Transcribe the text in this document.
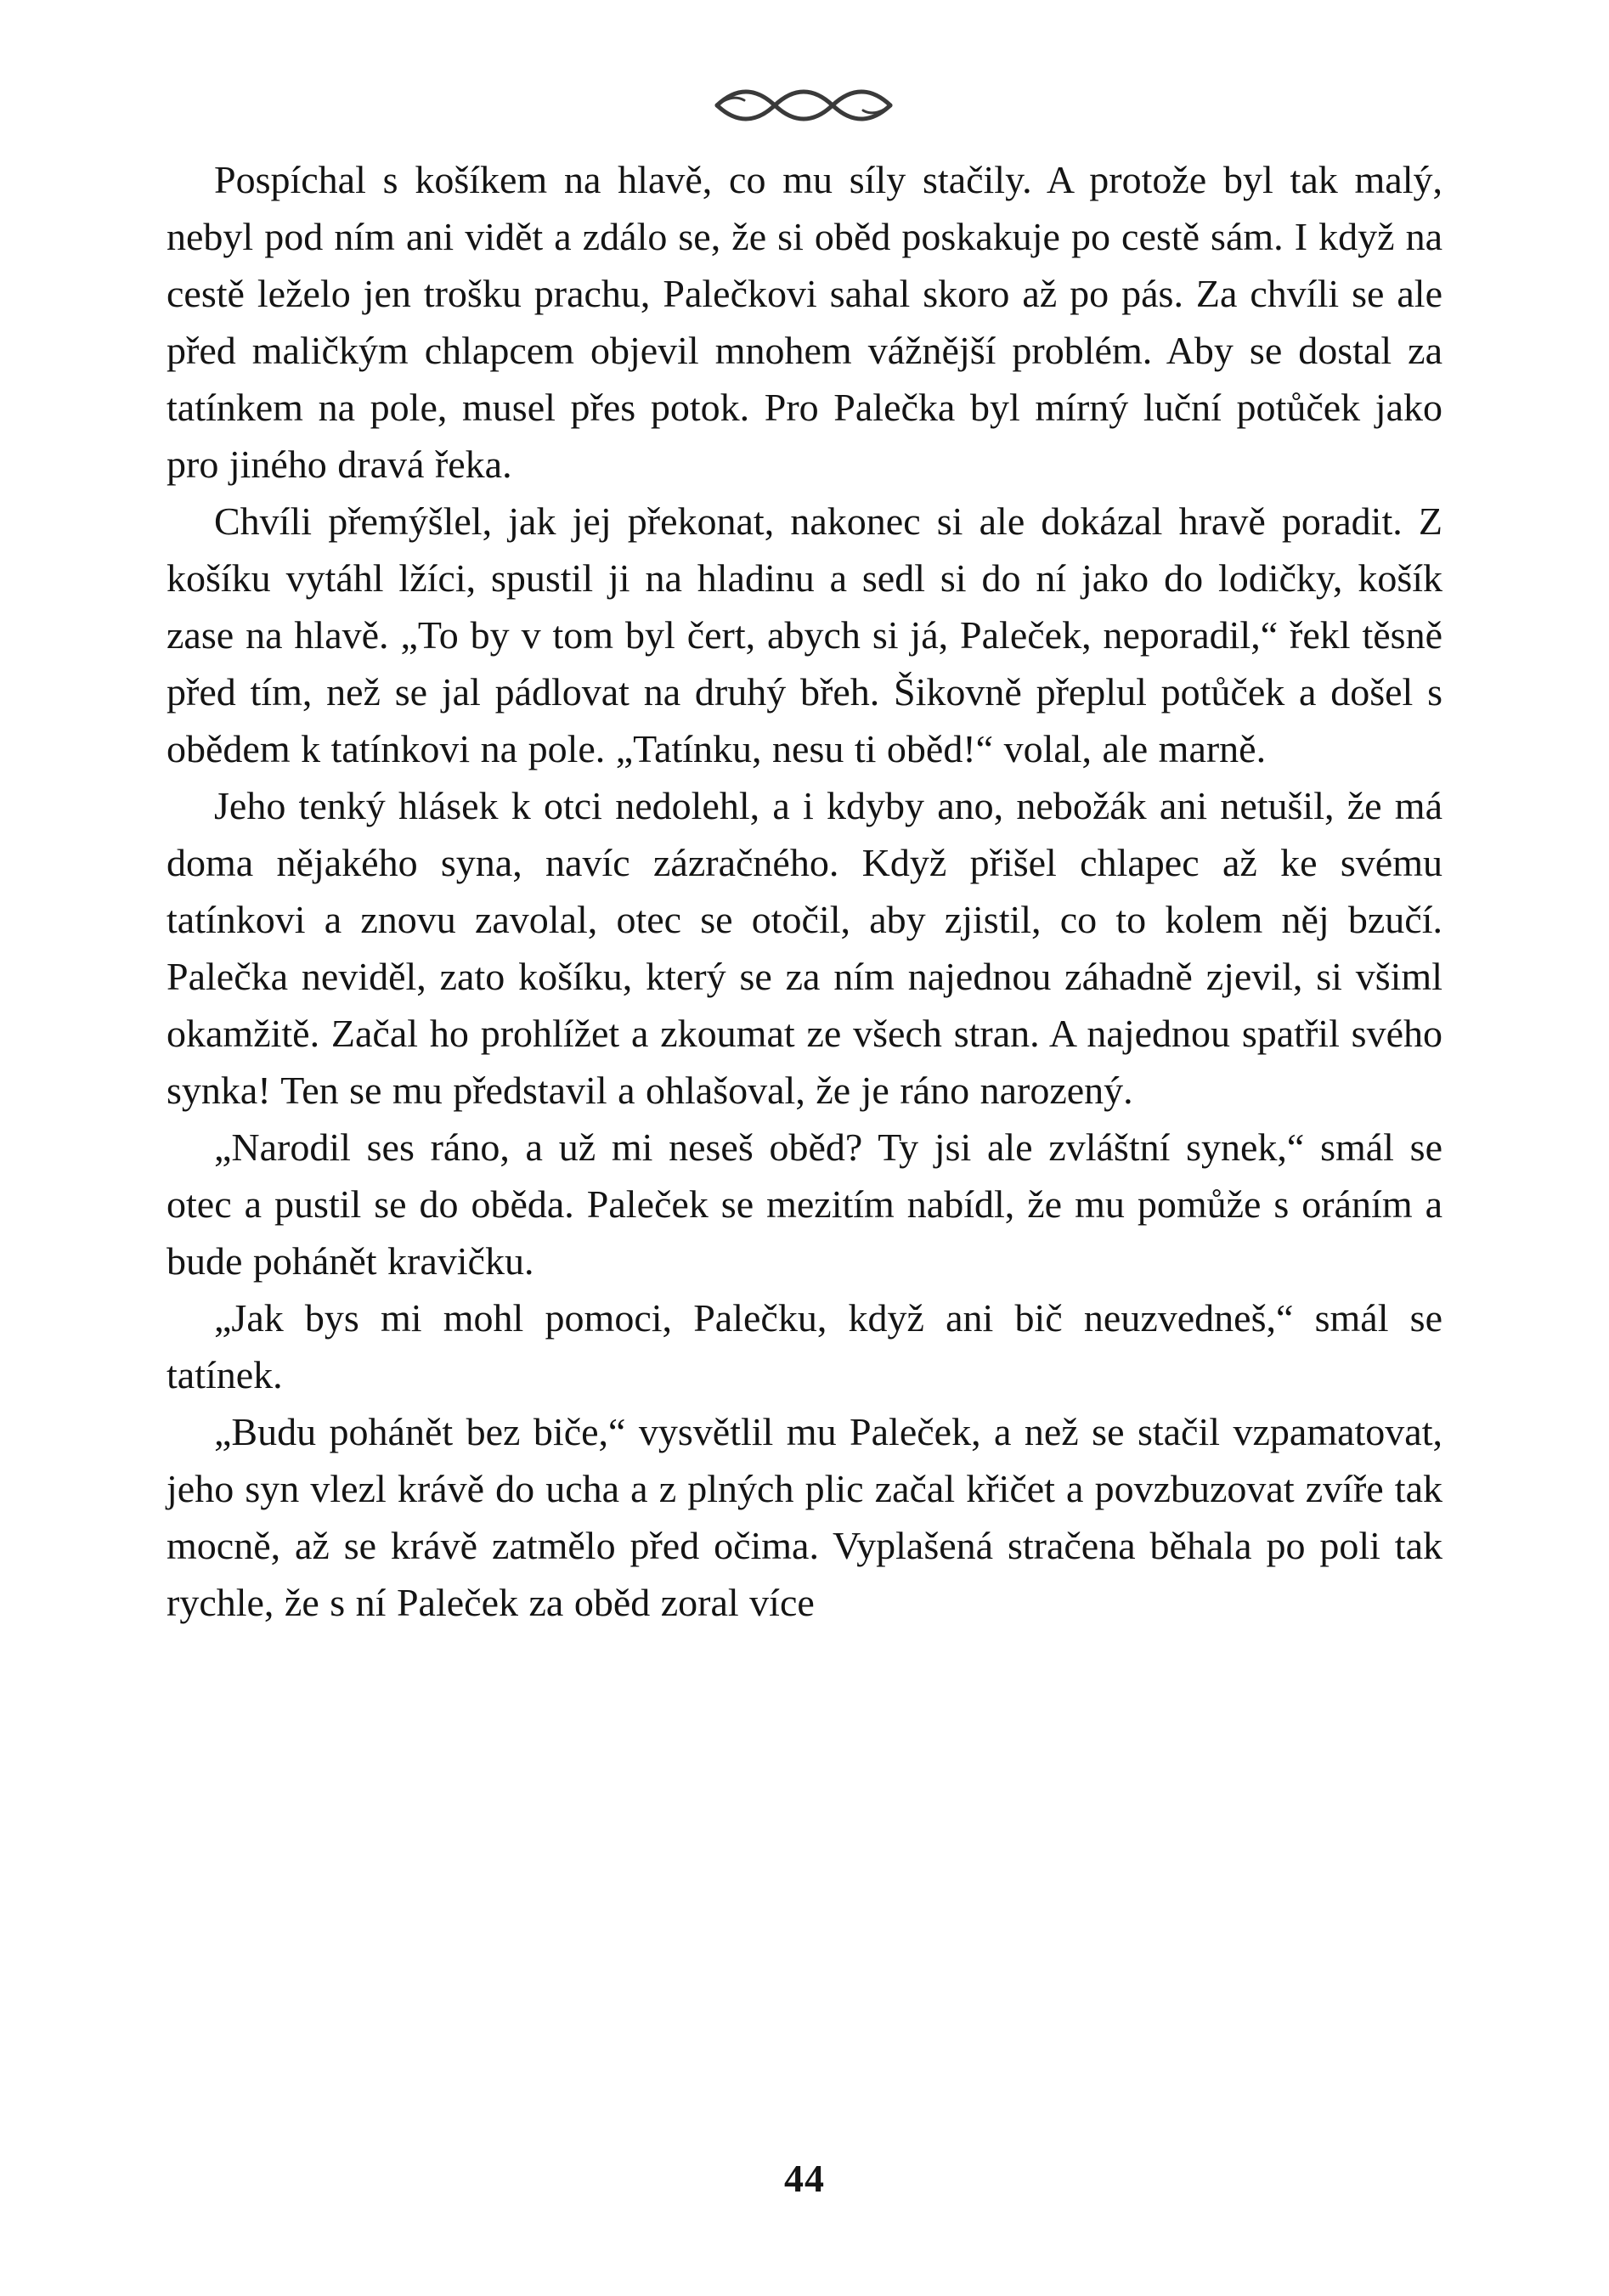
Pospíchal s košíkem na hlavě, co mu síly stačily. A protože byl tak malý, nebyl pod ním ani vidět a zdálo se, že si oběd poskakuje po cestě sám. I když na cestě leželo jen trošku prachu, Palečkovi sahal skoro až po pás. Za chvíli se ale před maličkým chlapcem objevil mnohem vážnější problém. Aby se dostal za tatínkem na pole, musel přes potok. Pro Palečka byl mírný luční potůček jako pro jiného dravá řeka.

Chvíli přemýšlel, jak jej překonat, nakonec si ale dokázal hravě poradit. Z košíku vytáhl lžíci, spustil ji na hladinu a sedl si do ní jako do lodičky, košík zase na hlavě. „To by v tom byl čert, abych si já, Paleček, neporadil,“ řekl těsně před tím, než se jal pádlovat na druhý břeh. Šikovně přeplul potůček a došel s obědem k tatínkovi na pole. „Tatínku, nesu ti oběd!“ volal, ale marně.

Jeho tenký hlásek k otci nedolehl, a i kdyby ano, nebožák ani netušil, že má doma nějakého syna, navíc zázračného. Když přišel chlapec až ke svému tatínkovi a znovu zavolal, otec se otočil, aby zjistil, co to kolem něj bzučí. Palečka neviděl, zato košíku, který se za ním najednou záhadně zjevil, si všiml okamžitě. Začal ho prohlížet a zkoumat ze všech stran. A najednou spatřil svého synka! Ten se mu představil a ohlašoval, že je ráno narozený.

„Narodil ses ráno, a už mi neseš oběd? Ty jsi ale zvláštní synek,“ smál se otec a pustil se do oběda. Paleček se mezitím nabídl, že mu pomůže s oráním a bude pohánět kravičku.

„Jak bys mi mohl pomoci, Palečku, když ani bič neuzvedneš,“ smál se tatínek.

„Budu pohánět bez biče,“ vysvětlil mu Paleček, a než se stačil vzpamatovat, jeho syn vlezl krávě do ucha a z plných plic začal křičet a povzbuzovat zvíře tak mocně, až se krávě zatmělo před očima. Vyplašená stračena běhala po poli tak rychle, že s ní Paleček za oběd zoral více

44
